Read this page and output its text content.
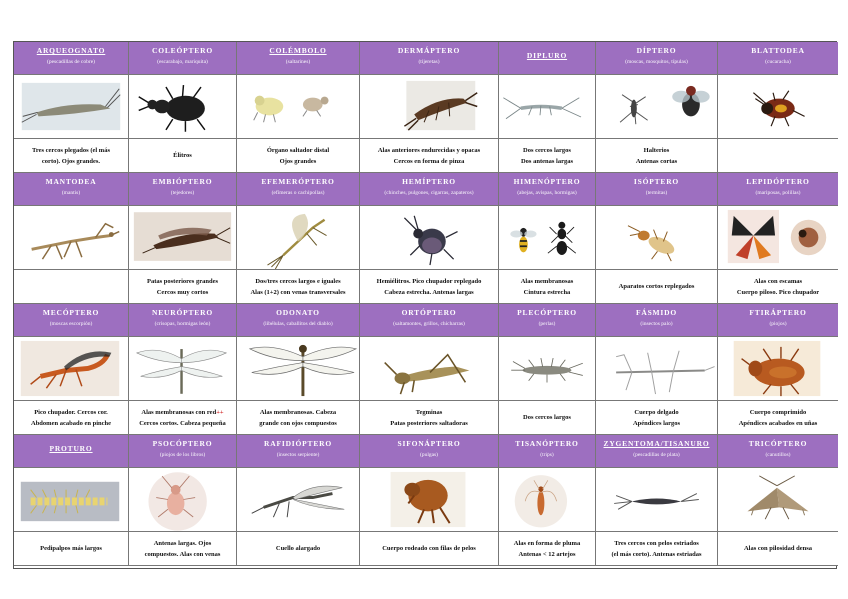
ARQUEOGNATO
(pescadillas de cobre)
COLEÓPTERO
(escarabajo, mariquita)
COLÉMBOLO
(saltarines)
DERMÁPTERO
(tijeretas)
DIPLURO
DÍPTERO
(moscas, mosquitos, típulas)
BLATTODEA
(cucaracha)
Tres cercos plegados (el más
corto). Ojos grandes.
Élitros
Órgano saltador distal
Ojos grandes
Alas anteriores endurecidas y opacas
Cercos en forma de pinza
Dos cercos largos
Dos antenas largas
Halterios
Antenas cortas
MANTODEA
(mantis)
EMBIÓPTERO
(tejedores)
EFEMERÓPTERO
(efímeras o cachipollas)
HEMÍPTERO
(chinches, pulgones, cigarras, zapateros)
HIMENÓPTERO
(abejas, avispas, hormigas)
ISÓPTERO
(termitas)
LEPIDÓPTERO
(mariposas, polillas)
Patas posteriores grandes
Cercos muy cortos
Dos/tres cercos largos e iguales
Alas (1+2) con venas transversales
Hemiélitros. Pico chupador replegado
Cabeza estrecha. Antenas largas
Alas membranosas
Cintura estrecha
Aparatos cortos replegados
Alas con escamas
Cuerpo piloso. Pico chupador
MECÓPTERO
(moscas escorpión)
NEURÓPTERO
(crisopas, hormigas león)
ODONATO
(libélulas, caballitos del diablo)
ORTÓPTERO
(saltamontes, grillos, chicharras)
PLECÓPTERO
(perlas)
FÁSMIDO
(insectos palo)
FTIRÁPTERO
(piojos)
Pico chupador. Cercos cor.
Abdomen acabado en pinche
Alas membranosas con red++
Cercos cortos. Cabeza pequeña
Alas membranosas. Cabeza
grande con ojos compuestos
Tegminas
Patas posteriores saltadoras
Dos cercos largos
Cuerpo delgado
Apéndices largos
Cuerpo comprimido
Apéndices acabados en uñas
PROTURO
PSOCÓPTERO
(piojos de los libros)
RAFIDIÓPTERO
(insectos serpiente)
SIFONÁPTERO
(pulgas)
TISANÓPTERO
(trips)
ZYGENTOMA/TISANURO
(pescadillas de plata)
TRICÓPTERO
(canutillos)
Pedipalpos más largos
Antenas largas. Ojos
compuestos. Alas con venas
Cuello alargado	Cuerpo rodeado con filas de pelos
Alas en forma de pluma
Antenas < 12 artejos
Tres cercos con pelos estriados
(el más corto). Antenas estriadas
Alas con pilosidad densa
